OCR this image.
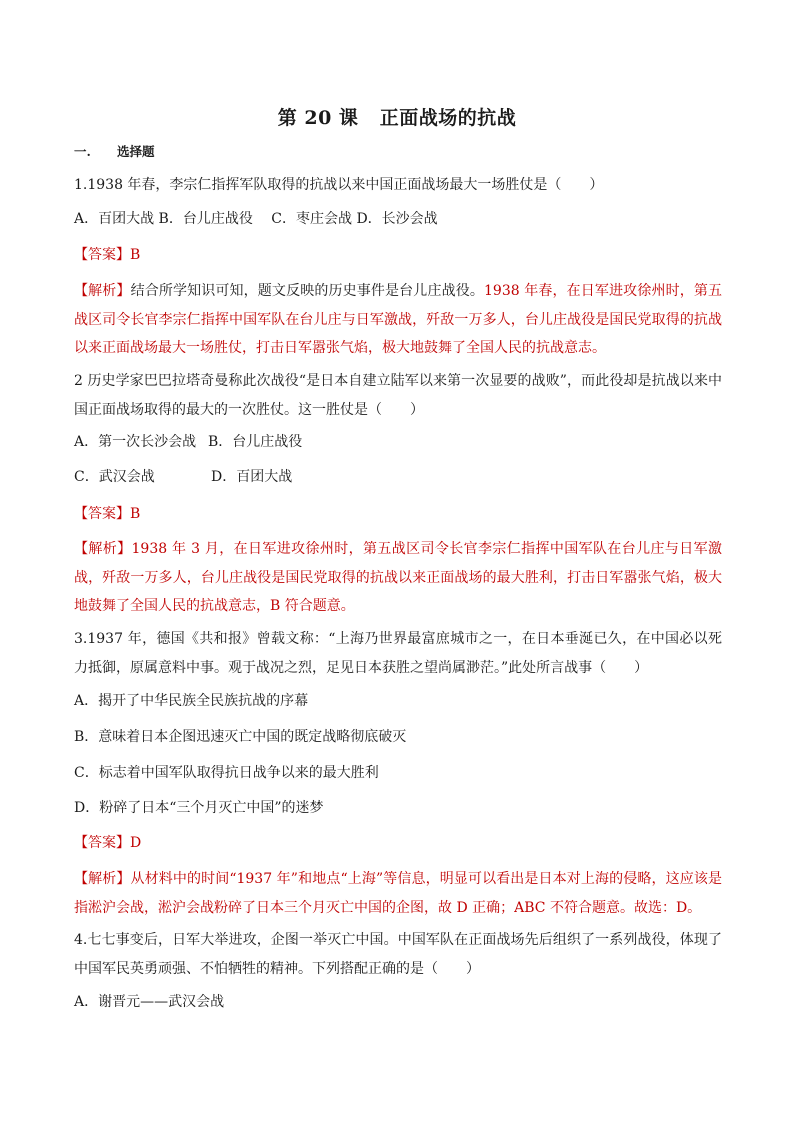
第 20 课   正面战场的抗战
一. 选择题
1.1938 年春，李宗仁指挥军队取得的抗战以来中国正面战场最大一场胜仗是（　　）
A．百团大战 B．台儿庄战役　 C．枣庄会战 D．长沙会战
【答案】B
【解析】结合所学知识可知，题文反映的历史事件是台儿庄战役。1938 年春，在日军进攻徐州时，第五战区司令长官李宗仁指挥中国军队在台儿庄与日军激战，歼敌一万多人，台儿庄战役是国民党取得的抗战以来正面战场最大一场胜仗，打击日军嚣张气焰，极大地鼓舞了全国人民的抗战意志。
2 历史学家巴巴拉塔奇曼称此次战役“是日本自建立陆军以来第一次显要的战败”，而此役却是抗战以来中国正面战场取得的最大的一次胜仗。这一胜仗是（　　）
A．第一次长沙会战 B．台儿庄战役
C．武汉会战	D．百团大战
【答案】B
【解析】1938 年 3 月，在日军进攻徐州时，第五战区司令长官李宗仁指挥中国军队在台儿庄与日军激战，歼敌一万多人，台儿庄战役是国民党取得的抗战以来正面战场的最大胜利，打击日军嚣张气焰，极大地鼓舞了全国人民的抗战意志，B 符合题意。
3.1937 年，德国《共和报》曾载文称：“上海乃世界最富庶城市之一，在日本垂涎已久，在中国必以死力抵御，原属意料中事。观于战况之烈，足见日本获胜之望尚属渺茫。”此处所言战事（　　）
A．揭开了中华民族全民族抗战的序幕
B．意味着日本企图迅速灭亡中国的既定战略彻底破灭
C．标志着中国军队取得抗日战争以来的最大胜利
D．粉碎了日本“三个月灭亡中国”的迷梦
【答案】D
【解析】从材料中的时间“1937 年”和地点“上海”等信息，明显可以看出是日本对上海的侵略，这应该是指淞沪会战，淞沪会战粉碎了日本三个月灭亡中国的企图，故 D 正确；ABC 不符合题意。故选：D。
4.七七事变后，日军大举进攻，企图一举灭亡中国。中国军队在正面战场先后组织了一系列战役，体现了中国军民英勇顽强、不怕牺牲的精神。下列搭配正确的是（　　）
A．谢晋元——武汉会战
